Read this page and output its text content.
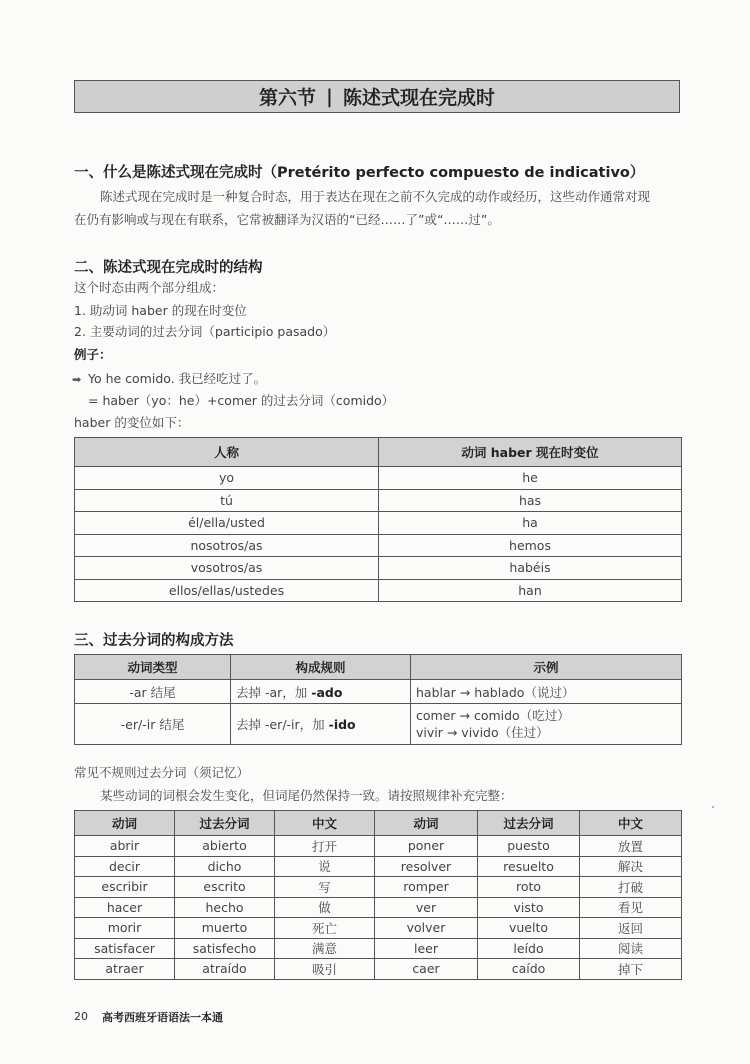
第六节 | 陈述式现在完成时
一、什么是陈述式现在完成时（Pretérito perfecto compuesto de indicativo）
陈述式现在完成时是一种复合时态，用于表达在现在之前不久完成的动作或经历，这些动作通常对现
在仍有影响或与现在有联系，它常被翻译为汉语的“已经……了”或“……过”。
二、陈述式现在完成时的结构
这个时态由两个部分组成：
1. 助动词 haber 的现在时变位
2. 主要动词的过去分词（participio pasado）
例子：
➡ Yo he comido. 我已经吃过了。
= haber（yo：he）+comer 的过去分词（comido）
haber 的变位如下：
人称	动词 haber 现在时变位
yo	he
tú	has
él/ella/usted	ha
nosotros/as	hemos
vosotros/as	habéis
ellos/ellas/ustedes	han
三、过去分词的构成方法
动词类型	构成规则	示例
-ar 结尾	去掉 -ar，加 -ado	hablar → hablado（说过）
-er/-ir 结尾	去掉 -er/-ir，加 -ido	comer → comido（吃过）
vivir → vivido（住过）
常见不规则过去分词（须记忆）
某些动词的词根会发生变化，但词尾仍然保持一致。请按照规律补充完整：
动词	过去分词	中文	动词	过去分词	中文
abrir	abierto	打开	poner	puesto	放置
decir	dicho	说	resolver	resuelto	解决
escribir	escrito	写	romper	roto	打破
hacer	hecho	做	ver	visto	看见
morir	muerto	死亡	volver	vuelto	返回
satisfacer	satisfecho	满意	leer	leído	阅读
atraer	atraído	吸引	caer	caído	掉下
20 高考西班牙语语法一本通
